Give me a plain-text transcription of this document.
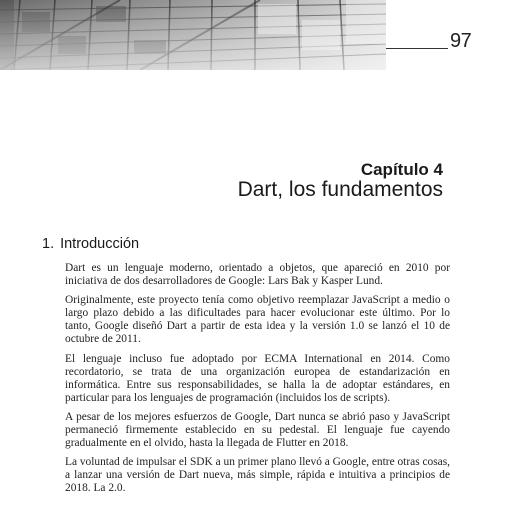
97
Capítulo 4
Dart, los fundamentos
1. Introducción

Dart es un lenguaje moderno, orientado a objetos, que apareció en 2010 por iniciativa de dos desarrolladores de Google: Lars Bak y Kasper Lund.

Originalmente, este proyecto tenía como objetivo reemplazar JavaScript a medio o largo plazo debido a las dificultades para hacer evolucionar este último. Por lo tanto, Google diseñó Dart a partir de esta idea y la versión 1.0 se lanzó el 10 de octubre de 2011.

El lenguaje incluso fue adoptado por ECMA International en 2014. Como recordatorio, se trata de una organización europea de estandarización en informática. Entre sus responsabilidades, se halla la de adoptar estándares, en particular para los lenguajes de programación (incluidos los de scripts).

A pesar de los mejores esfuerzos de Google, Dart nunca se abrió paso y JavaScript permaneció firmemente establecido en su pedestal. El lenguaje fue cayendo gradualmente en el olvido, hasta la llegada de Flutter en 2018.

La voluntad de impulsar el SDK a un primer plano llevó a Google, entre otras cosas, a lanzar una versión de Dart nueva, más simple, rápida e intuitiva a principios de 2018. La 2.0.
